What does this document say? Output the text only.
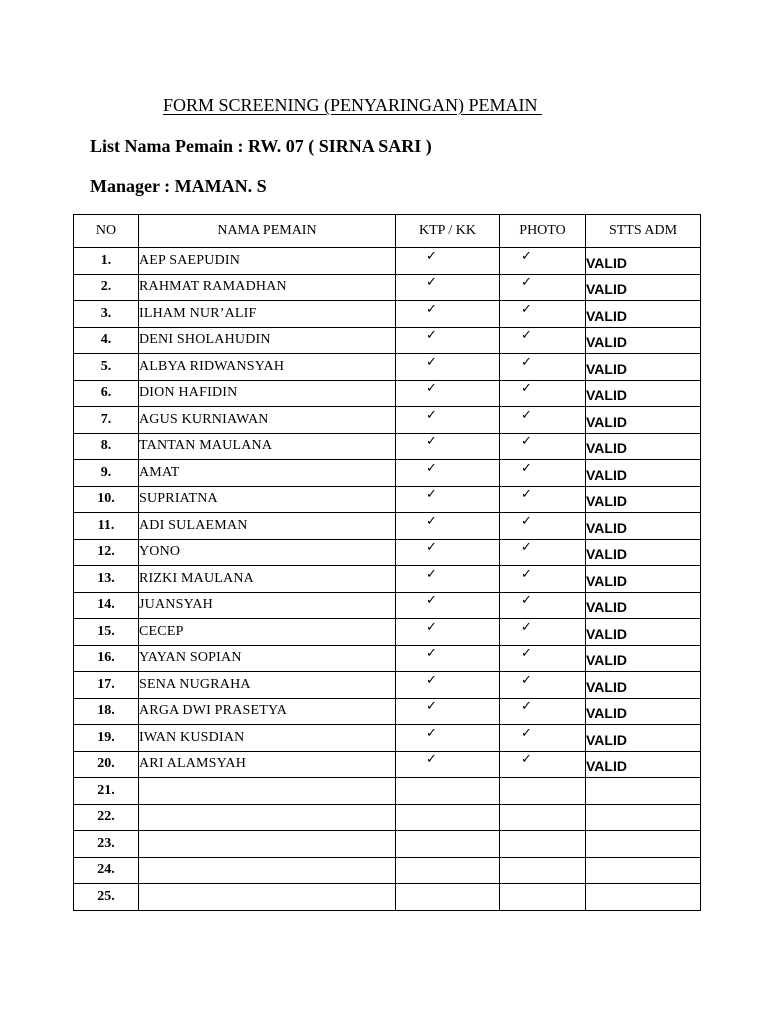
FORM SCREENING (PENYARINGAN) PEMAIN
List Nama Pemain : RW. 07 ( SIRNA SARI )
Manager : MAMAN. S
NO	NAMA PEMAIN	KTP / KK	PHOTO	STTS ADM
1.	AEP SAEPUDIN	✓	✓	VALID
2.	RAHMAT RAMADHAN	✓	✓	VALID
3.	ILHAM NUR’ALIF	✓	✓	VALID
4.	DENI SHOLAHUDIN	✓	✓	VALID
5.	ALBYA RIDWANSYAH	✓	✓	VALID
6.	DION HAFIDIN	✓	✓	VALID
7.	AGUS KURNIAWAN	✓	✓	VALID
8.	TANTAN MAULANA	✓	✓	VALID
9.	AMAT	✓	✓	VALID
10.	SUPRIATNA	✓	✓	VALID
11.	ADI SULAEMAN	✓	✓	VALID
12.	YONO	✓	✓	VALID
13.	RIZKI MAULANA	✓	✓	VALID
14.	JUANSYAH	✓	✓	VALID
15.	CECEP	✓	✓	VALID
16.	YAYAN SOPIAN	✓	✓	VALID
17.	SENA NUGRAHA	✓	✓	VALID
18.	ARGA DWI PRASETYA	✓	✓	VALID
19.	IWAN KUSDIAN	✓	✓	VALID
20.	ARI ALAMSYAH	✓	✓	VALID
21.				
22.				
23.				
24.				
25.				
